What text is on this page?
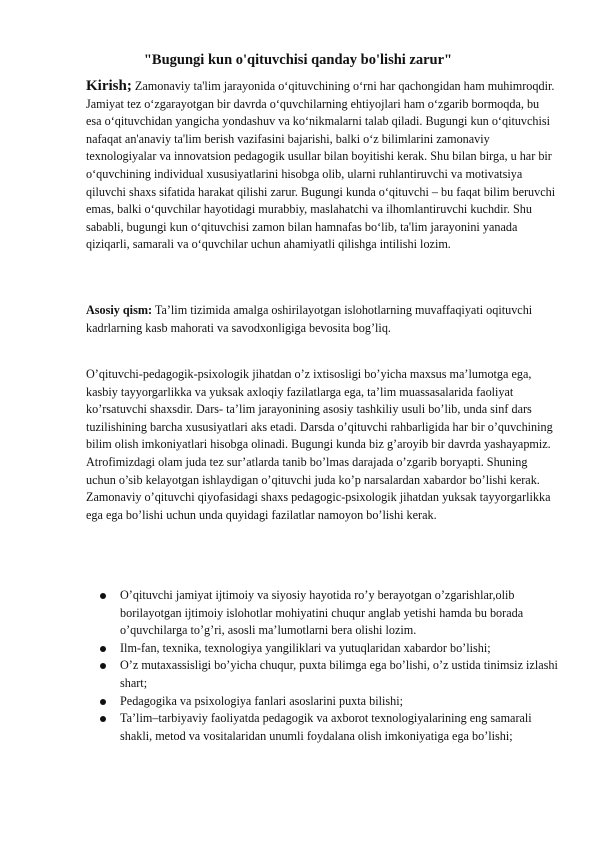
"Bugungi kun o'qituvchisi qanday bo'lishi zarur"

Kirish; Zamonaviy ta'lim jarayonida oʻqituvchining oʻrni har qachongidan ham muhimroqdir. Jamiyat tez oʻzgarayotgan bir davrda oʻquvchilarning ehtiyojlari ham oʻzgarib bormoqda, bu esa oʻqituvchidan yangicha yondashuv va koʻnikmalarni talab qiladi. Bugungi kun oʻqituvchisi nafaqat an'anaviy ta'lim berish vazifasini bajarishi, balki oʻz bilimlarini zamonaviy texnologiyalar va innovatsion pedagogik usullar bilan boyitishi kerak. Shu bilan birga, u har bir oʻquvchining individual xususiyatlarini hisobga olib, ularni ruhlantiruvchi va motivatsiya qiluvchi shaxs sifatida harakat qilishi zarur. Bugungi kunda oʻqituvchi – bu faqat bilim beruvchi emas, balki oʻquvchilar hayotidagi murabbiy, maslahatchi va ilhomlantiruvchi kuchdir. Shu sababli, bugungi kun oʻqituvchisi zamon bilan hamnafas boʻlib, ta'lim jarayonini yanada qiziqarli, samarali va oʻquvchilar uchun ahamiyatli qilishga intilishi lozim.

Asosiy qism: Ta’lim tizimida amalga oshirilayotgan islohotlarning muvaffaqiyati oqituvchi kadrlarning kasb mahorati va savodxonligiga bevosita bog’liq.

O’qituvchi-pedagogik-psixologik jihatdan o’z ixtisosligi bo’yicha maxsus ma’lumotga ega, kasbiy tayyorgarlikka va yuksak axloqiy fazilatlarga ega, ta’lim muassasalarida faoliyat ko’rsatuvchi shaxsdir. Dars- ta’lim jarayonining asosiy tashkiliy usuli bo’lib, unda sinf dars tuzilishining barcha xususiyatlari aks etadi. Darsda o’qituvchi rahbarligida har bir o’quvchining bilim olish imkoniyatlari hisobga olinadi. Bugungi kunda biz g’aroyib bir davrda yashayapmiz. Atrofimizdagi olam juda tez sur’atlarda tanib bo’lmas darajada o’zgarib boryapti. Shuning uchun o’sib kelayotgan ishlaydigan o’qituvchi juda ko’p narsalardan xabardor bo’lishi kerak. Zamonaviy o’qituvchi qiyofasidagi shaxs pedagogic-psixologik jihatdan yuksak tayyorgarlikka ega ega bo’lishi uchun unda quyidagi fazilatlar namoyon bo’lishi kerak.

O’qituvchi jamiyat ijtimoiy va siyosiy hayotida ro’y berayotgan o’zgarishlar,olib borilayotgan ijtimoiy islohotlar mohiyatini chuqur anglab yetishi hamda bu borada o’quvchilarga to’g’ri, asosli ma’lumotlarni bera olishi lozim.
Ilm-fan, texnika, texnologiya yangiliklari va yutuqlaridan xabardor bo’lishi;
O’z mutaxassisligi bo’yicha chuqur, puxta bilimga ega bo’lishi, o’z ustida tinimsiz izlashi shart;
Pedagogika va psixologiya fanlari asoslarini puxta bilishi;
Ta’lim–tarbiyaviy faoliyatda pedagogik va axborot texnologiyalarining eng samarali shakli, metod va vositalaridan unumli foydalana olish imkoniyatiga ega bo’lishi;
